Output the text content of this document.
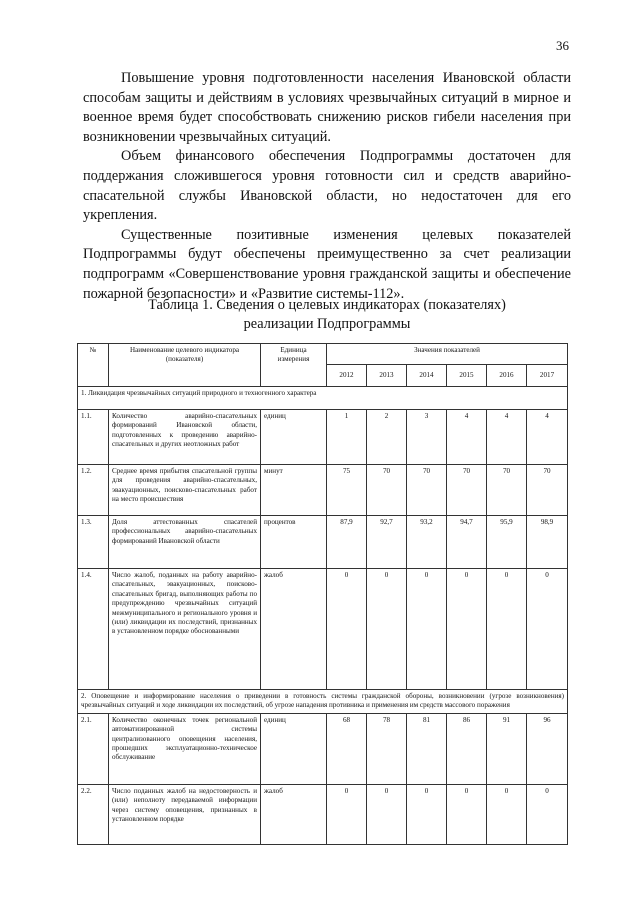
36

Повышение уровня подготовленности населения Ивановской области способам защиты и действиям в условиях чрезвычайных ситуаций в мирное и военное время будет способствовать снижению рисков гибели населения при возникновении чрезвычайных ситуаций.

Объем финансового обеспечения Подпрограммы достаточен для поддержания сложившегося уровня готовности сил и средств аварийно-спасательной службы Ивановской области, но недостаточен для его укрепления.

Существенные позитивные изменения целевых показателей Подпрограммы будут обеспечены преимущественно за счет реализации подпрограмм «Совершенствование уровня гражданской защиты и обеспечение пожарной безопасности» и «Развитие системы-112».

Таблица 1. Сведения о целевых индикаторах (показателях)
реализации Подпрограммы
№	Наименование целевого индикатора (показателя)	Единица измерения	Значения показателей					
			2012	2013	2014	2015	2016	2017
1. Ликвидация чрезвычайных ситуаций природного и техногенного характера								
1.1.	Количество аварийно-спасательных формирований Ивановской области, подготовленных к проведению аварийно-спасательных и других неотложных работ	единиц	1	2	3	4	4	4
1.2.	Среднее время прибытия спасательной группы для проведения аварийно-спасательных, эвакуационных, поисково-спасательных работ на место происшествия	минут	75	70	70	70	70	70
1.3.	Доля аттестованных спасателей профессиональных аварийно-спасательных формирований Ивановской области	процентов	87,9	92,7	93,2	94,7	95,9	98,9
1.4.	Число жалоб, поданных на работу аварийно-спасательных, эвакуационных, поисково-спасательных бригад, выполняющих работы по предупреждению чрезвычайных ситуаций межмуниципального и регионального уровня и (или) ликвидации их последствий, признанных в установленном порядке обоснованными	жалоб	0	0	0	0	0	0
2. Оповещение и информирование населения о приведении в готовность системы гражданской обороны, возникновении (угрозе возникновения) чрезвычайных ситуаций и ходе ликвидации их последствий, об угрозе нападения противника и применения им средств массового поражения								
2.1.	Количество оконечных точек региональной автоматизированной системы централизованного оповещения населения, прошедших эксплуатационно-техническое обслуживание	единиц	68	78	81	86	91	96
2.2.	Число поданных жалоб на недостоверность и (или) неполноту передаваемой информации через систему оповещения, признанных в установленном порядке	жалоб	0	0	0	0	0	0
